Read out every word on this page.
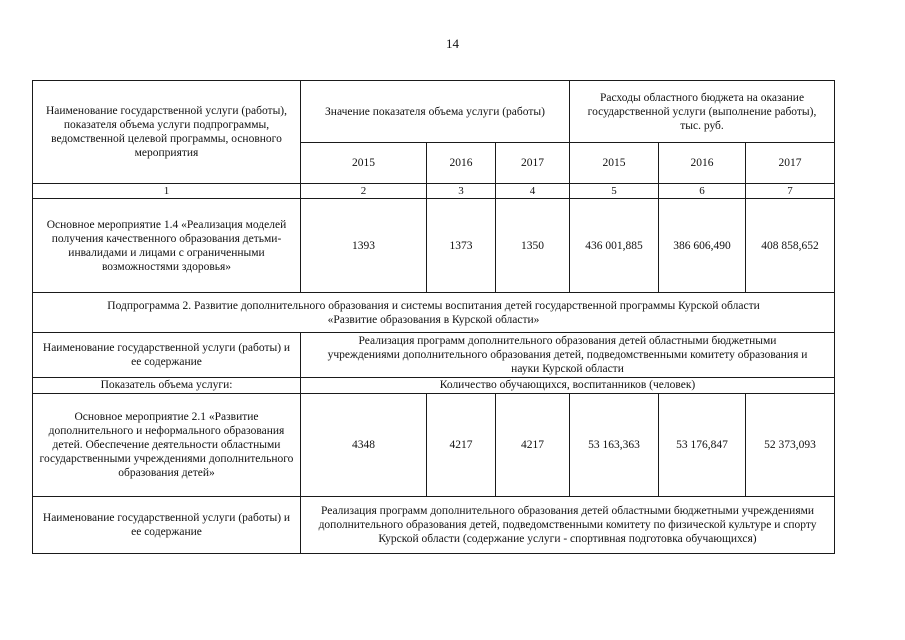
14
Наименование государственной услуги (работы), показателя объема услуги подпрограммы, ведомственной целевой программы, основного мероприятия	Значение показателя объема услуги (работы)			Расходы областного бюджета на оказание государственной услуги (выполнение работы),
тыс. руб.		

	2015	2016	2017	2015	2016	2017
1	2	3	4	5	6	7
Основное мероприятие 1.4 «Реализация моделей получения качественного образования детьми-инвалидами и лицами с ограниченными возможностями здоровья»	1393	1373	1350	436 001,885	386 606,490	408 858,652
Подпрограмма 2. Развитие дополнительного образования и системы воспитания детей государственной программы Курской области «Развитие образования в Курской области»						
Наименование государственной услуги (работы) и ее содержание	Реализация программ дополнительного образования детей областными бюджетными учреждениями дополнительного образования детей, подведомственными комитету образования и науки Курской области					
Показатель объема услуги:	Количество обучающихся, воспитанников (человек)					
Основное мероприятие 2.1 «Развитие дополнительного и неформального образования детей. Обеспечение деятельности областными государственными учреждениями дополнительного образования детей»	4348	4217	4217	53 163,363	53 176,847	52 373,093
Наименование государственной услуги (работы) и ее содержание	Реализация программ дополнительного образования детей областными бюджетными учреждениями дополнительного образования детей, подведомственными комитету по физической культуре и спорту Курской области (содержание услуги - спортивная подготовка обучающихся)					
